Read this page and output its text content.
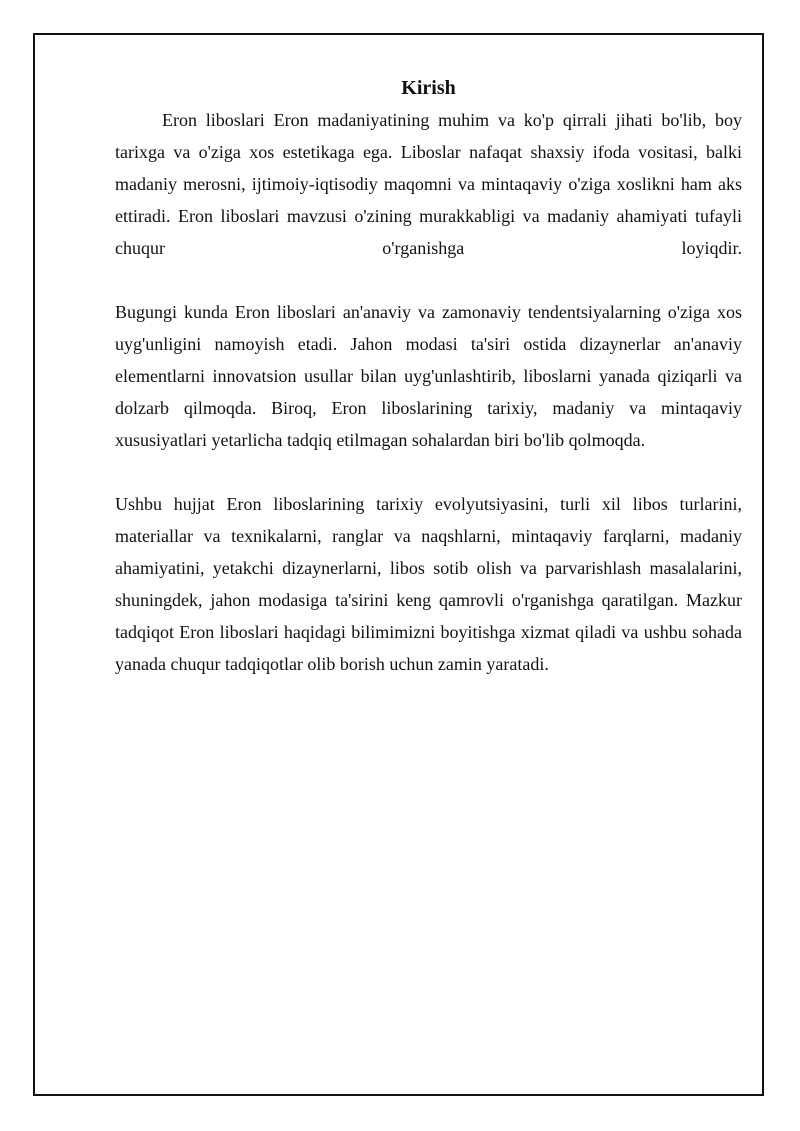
Kirish

Eron liboslari Eron madaniyatining muhim va ko'p qirrali jihati bo'lib, boy tarixga va o'ziga xos estetikaga ega. Liboslar nafaqat shaxsiy ifoda vositasi, balki madaniy merosni, ijtimoiy-iqtisodiy maqomni va mintaqaviy o'ziga xoslikni ham aks ettiradi. Eron liboslari mavzusi o'zining murakkabligi va madaniy ahamiyati tufayli chuqur o'rganishga loyiqdir.

Bugungi kunda Eron liboslari an'anaviy va zamonaviy tendentsiyalarning o'ziga xos uyg'unligini namoyish etadi. Jahon modasi ta'siri ostida dizaynerlar an'anaviy elementlarni innovatsion usullar bilan uyg'unlashtirib, liboslarni yanada qiziqarli va dolzarb qilmoqda. Biroq, Eron liboslarining tarixiy, madaniy va mintaqaviy xususiyatlari yetarlicha tadqiq etilmagan sohalardan biri bo'lib qolmoqda.

Ushbu hujjat Eron liboslarining tarixiy evolyutsiyasini, turli xil libos turlarini, materiallar va texnikalarni, ranglar va naqshlarni, mintaqaviy farqlarni, madaniy ahamiyatini, yetakchi dizaynerlarni, libos sotib olish va parvarishlash masalalarini, shuningdek, jahon modasiga ta'sirini keng qamrovli o'rganishga qaratilgan. Mazkur tadqiqot Eron liboslari haqidagi bilimimizni boyitishga xizmat qiladi va ushbu sohada yanada chuqur tadqiqotlar olib borish uchun zamin yaratadi.
